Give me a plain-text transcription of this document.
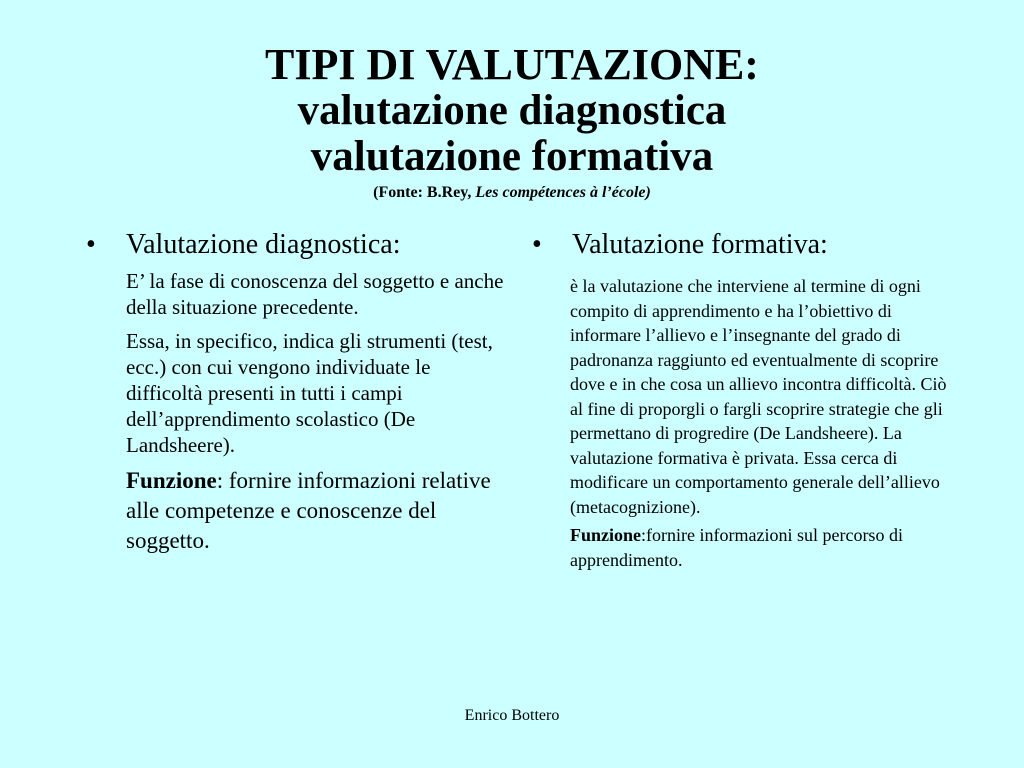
TIPI DI VALUTAZIONE:
valutazione diagnostica
valutazione formativa
(Fonte: B.Rey, Les compétences à l’école)
•	Valutazione diagnostica:
E’ la fase di conoscenza del soggetto e anche della situazione precedente.
Essa, in specifico, indica gli strumenti (test, ecc.) con cui vengono individuate le difficoltà presenti in tutti i campi dell’apprendimento scolastico (De Landsheere).
Funzione: fornire informazioni relative alle competenze e conoscenze del soggetto.
•	Valutazione formativa:
è la valutazione che interviene al termine di ogni compito di apprendimento e ha l’obiettivo di informare l’allievo e l’insegnante del grado di padronanza raggiunto ed eventualmente di scoprire dove e in che cosa un allievo incontra difficoltà. Ciò al fine di proporgli o fargli scoprire strategie che gli permettano di progredire (De Landsheere). La valutazione formativa è privata. Essa cerca di modificare un comportamento generale dell’allievo (metacognizione).
Funzione:fornire informazioni sul percorso di apprendimento.
Enrico Bottero
